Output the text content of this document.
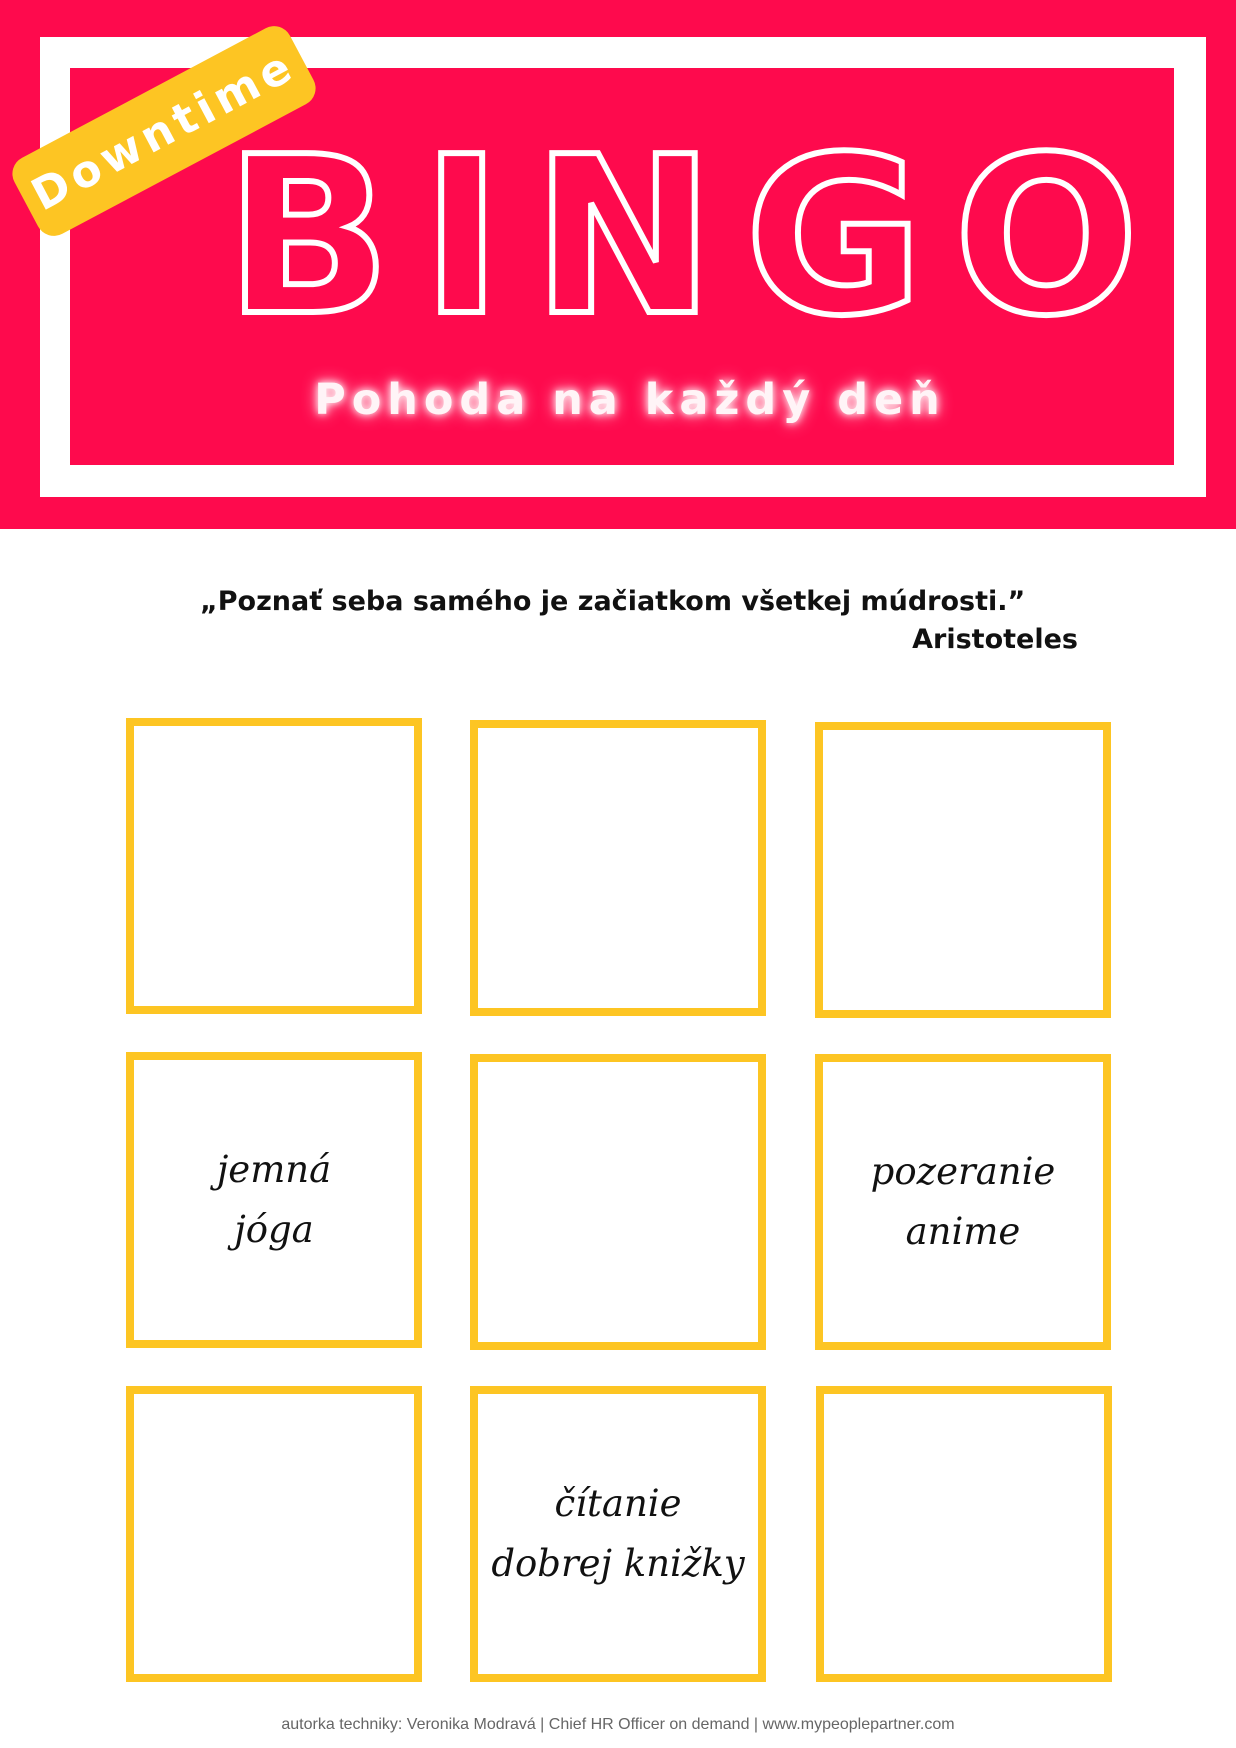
BINGO
Pohoda na každý deň
Downtime
„Poznať seba samého je začiatkom všetkej múdrosti.”
Aristoteles
jemná
jóga
pozeranie
anime
čítanie
dobrej knižky
autorka techniky: Veronika Modravá | Chief HR Officer on demand | www.mypeoplepartner.com
